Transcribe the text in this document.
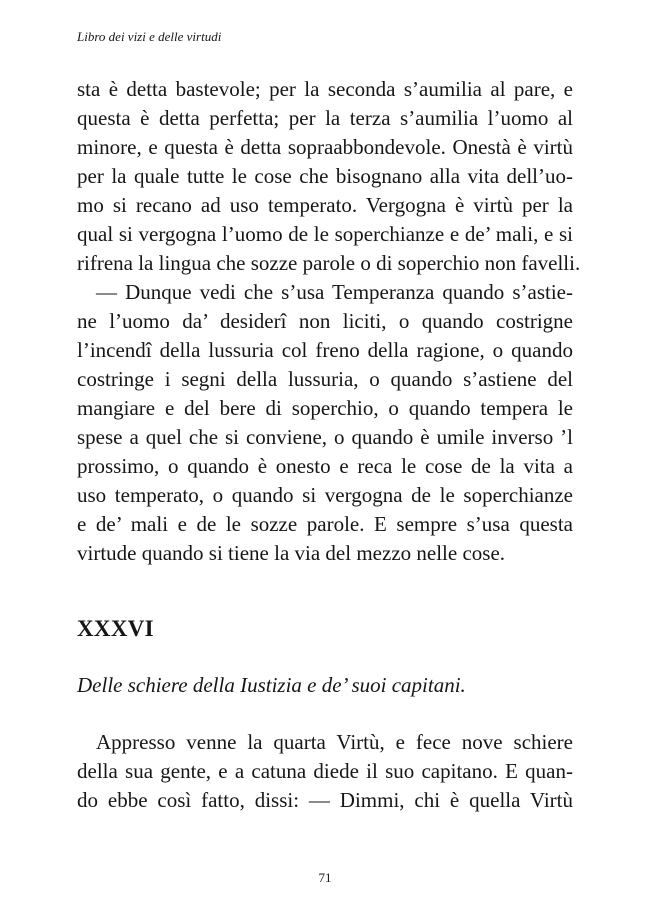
Libro dei vizi e delle virtudi
sta è detta bastevole; per la seconda s’aumilia al pare, e
questa è detta perfetta; per la terza s’aumilia l’uomo al
minore, e questa è detta sopraabbondevole. Onestà è virtù
per la quale tutte le cose che bisognano alla vita dell’uo-
mo si recano ad uso temperato. Vergogna è virtù per la
qual si vergogna l’uomo de le soperchianze e de’ mali, e si
rifrena la lingua che sozze parole o di soperchio non favelli.
— Dunque vedi che s’usa Temperanza quando s’astie-
ne l’uomo da’ desiderî non liciti, o quando costrigne
l’incendî della lussuria col freno della ragione, o quando
costringe i segni della lussuria, o quando s’astiene del
mangiare e del bere di soperchio, o quando tempera le
spese a quel che si conviene, o quando è umile inverso ’l
prossimo, o quando è onesto e reca le cose de la vita a
uso temperato, o quando si vergogna de le soperchianze
e de’ mali e de le sozze parole. E sempre s’usa questa
virtude quando si tiene la via del mezzo nelle cose.
XXXVI
Delle schiere della Iustizia e de’ suoi capitani.
Appresso venne la quarta Virtù, e fece nove schiere
della sua gente, e a catuna diede il suo capitano. E quan-
do ebbe così fatto, dissi: — Dimmi, chi è quella Virtù
71
